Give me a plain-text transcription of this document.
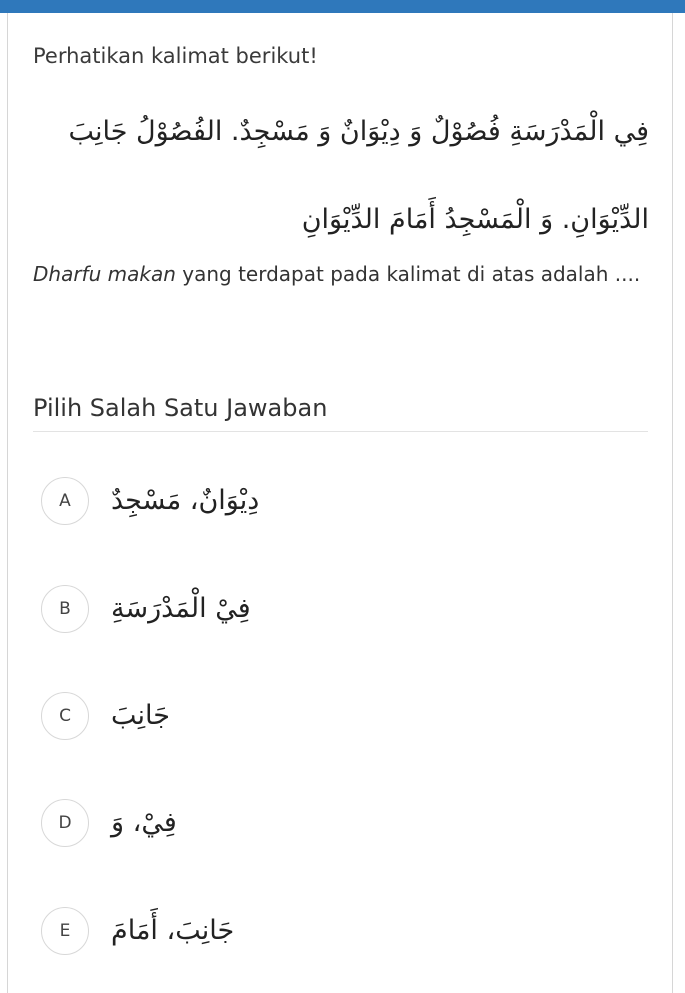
Perhatikan kalimat berikut!
فِي الْمَدْرَسَةِ فُصُوْلٌ وَ دِيْوَانٌ وَ مَسْجِدٌ. الفُصُوْلُ جَانِبَ الدِّيْوَانِ. وَ الْمَسْجِدُ أَمَامَ الدِّيْوَانِ
Dharfu makan yang terdapat pada kalimat di atas adalah ....
Pilih Salah Satu Jawaban
A	دِيْوَانٌ، مَسْجِدٌ
B	فِيْ الْمَدْرَسَةِ
C	جَانِبَ
D	فِيْ، وَ
E	جَانِبَ، أَمَامَ
